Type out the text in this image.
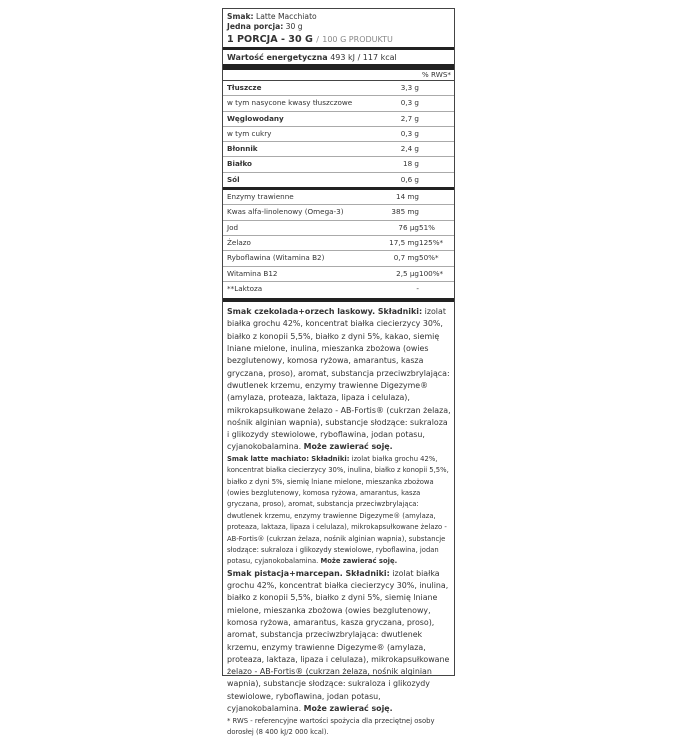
Smak: Latte Macchiato
Jedna porcja: 30 g
1 PORCJA - 30 G / 100 G PRODUKTU
Wartość energetyczna 493 kJ / 117 kcal
% RWS*
Tłuszcze	3,3 g
w tym nasycone kwasy tłuszczowe	0,3 g
Węglowodany	2,7 g
w tym cukry	0,3 g
Błonnik	2,4 g
Białko	18 g
Sól	0,6 g
Enzymy trawienne	14 mg
Kwas alfa-linolenowy (Omega-3)	385 mg
Jod	76 µg 51%
Żelazo	17,5 mg 125%*
Ryboflawina (Witamina B2)	0,7 mg 50%*
Witamina B12	2,5 µg 100%*
**Laktoza	-
Smak czekolada+orzech laskowy. Składniki: izolat białka grochu 42%, koncentrat białka ciecierzycy 30%, białko z konopii 5,5%, białko z dyni 5%, kakao, siemię lniane mielone, inulina, mieszanka zbożowa (owies bezglutenowy, komosa ryżowa, amarantus, kasza gryczana, proso), aromat, substancja przeciwzbrylająca: dwutlenek krzemu, enzymy trawienne Digezyme® (amylaza, proteaza, laktaza, lipaza i celulaza), mikrokapsułkowane żelazo - AB-Fortis® (cukrzan żelaza, nośnik alginian wapnia), substancje słodzące: sukraloza i glikozydy stewiolowe, ryboflawina, jodan potasu, cyjanokobalamina. Może zawierać soję.
Smak latte machiato: Składniki: izolat białka grochu 42%, koncentrat białka ciecierzycy 30%, inulina, białko z konopii 5,5%, białko z dyni 5%, siemię lniane mielone, mieszanka zbożowa (owies bezglutenowy, komosa ryżowa, amarantus, kasza gryczana, proso), aromat, substancja przeciwzbrylająca: dwutlenek krzemu, enzymy trawienne Digezyme® (amylaza, proteaza, laktaza, lipaza i celulaza), mikrokapsułkowane żelazo - AB-Fortis® (cukrzan żelaza, nośnik alginian wapnia), substancje słodzące: sukraloza i glikozydy stewiolowe, ryboflawina, jodan potasu, cyjanokobalamina. Może zawierać soję.
Smak pistacja+marcepan. Składniki: izolat białka grochu 42%, koncentrat białka ciecierzycy 30%, inulina, białko z konopii 5,5%, białko z dyni 5%, siemię lniane mielone, mieszanka zbożowa (owies bezglutenowy, komosa ryżowa, amarantus, kasza gryczana, proso), aromat, substancja przeciwzbrylająca: dwutlenek krzemu, enzymy trawienne Digezyme® (amylaza, proteaza, laktaza, lipaza i celulaza), mikrokapsułkowane żelazo - AB-Fortis® (cukrzan żelaza, nośnik alginian wapnia), substancje słodzące: sukraloza i glikozydy stewiolowe, ryboflawina, jodan potasu, cyjanokobalamina. Może zawierać soję.
* RWS - referencyjne wartości spożycia dla przeciętnej osoby dorosłej (8 400 kJ/2 000 kcal).
